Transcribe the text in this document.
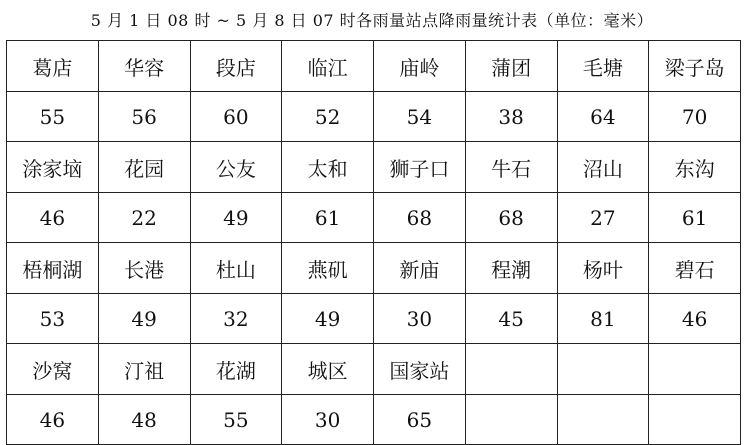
5 月 1 日 08 时 ~ 5 月 8 日 07 时各雨量站点降雨量统计表（单位：毫米）
葛店	华容	段店	临江	庙岭	蒲团	毛塘	梁子岛
55	56	60	52	54	38	64	70
涂家垴	花园	公友	太和	狮子口	牛石	沼山	东沟
46	22	49	61	68	68	27	61
梧桐湖	长港	杜山	燕矶	新庙	程潮	杨叶	碧石
53	49	32	49	30	45	81	46
沙窝	汀祖	花湖	城区	国家站			
46	48	55	30	65			
